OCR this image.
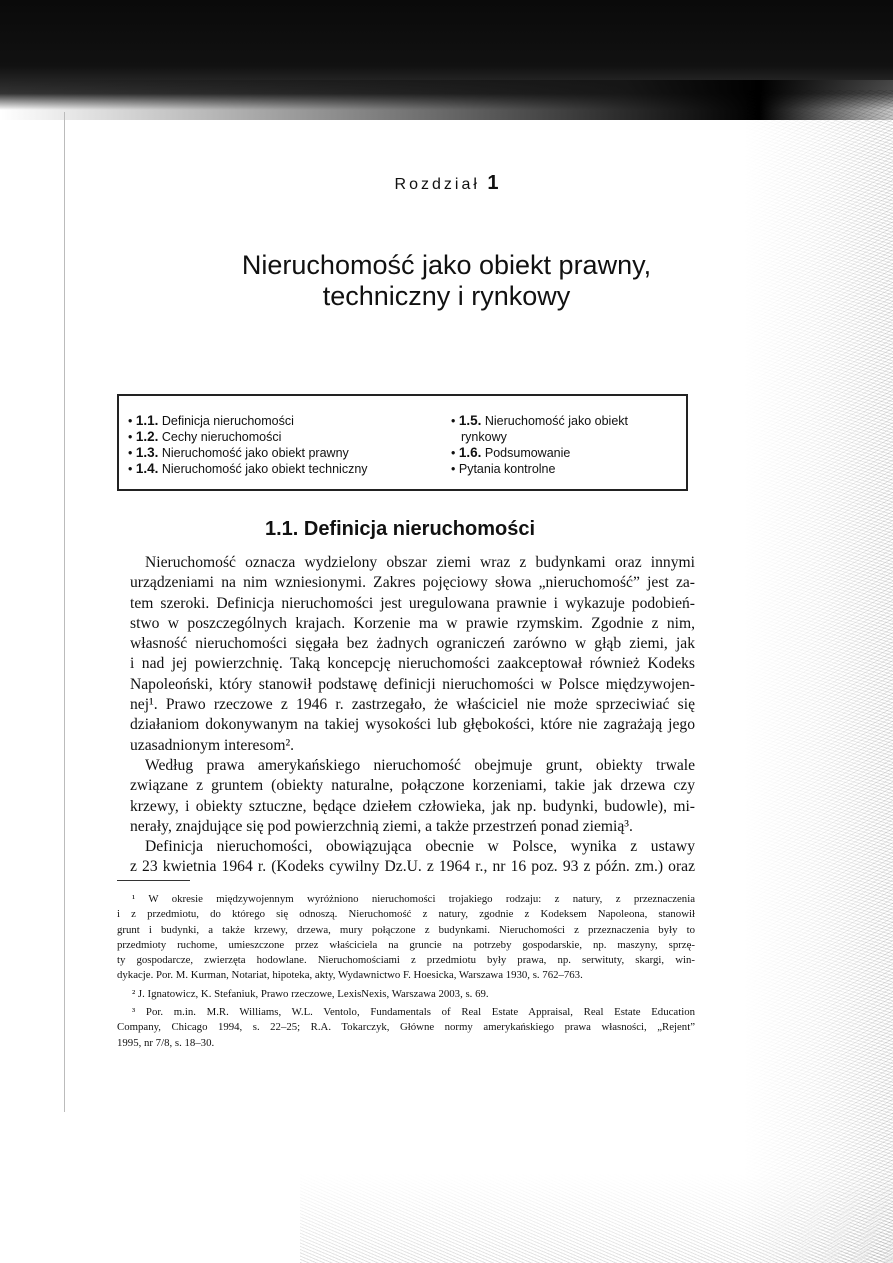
Rozdział 1
Nieruchomość jako obiekt prawny,
techniczny i rynkowy
• 1.1. Definicja nieruchomości
• 1.2. Cechy nieruchomości
• 1.3. Nieruchomość jako obiekt prawny
• 1.4. Nieruchomość jako obiekt techniczny
• 1.5. Nieruchomość jako obiekt
rynkowy
• 1.6. Podsumowanie
• Pytania kontrolne
1.1. Definicja nieruchomości
Nieruchomość oznacza wydzielony obszar ziemi wraz z budynkami oraz innymi
urządzeniami na nim wzniesionymi. Zakres pojęciowy słowa „nieruchomość” jest za-
tem szeroki. Definicja nieruchomości jest uregulowana prawnie i wykazuje podobień-
stwo w poszczególnych krajach. Korzenie ma w prawie rzymskim. Zgodnie z nim,
własność nieruchomości sięgała bez żadnych ograniczeń zarówno w głąb ziemi, jak
i nad jej powierzchnię. Taką koncepcję nieruchomości zaakceptował również Kodeks
Napoleoński, który stanowił podstawę definicji nieruchomości w Polsce międzywojen-
nej¹. Prawo rzeczowe z 1946 r. zastrzegało, że właściciel nie może sprzeciwiać się
działaniom dokonywanym na takiej wysokości lub głębokości, które nie zagrażają jego
uzasadnionym interesom².
Według prawa amerykańskiego nieruchomość obejmuje grunt, obiekty trwale
związane z gruntem (obiekty naturalne, połączone korzeniami, takie jak drzewa czy
krzewy, i obiekty sztuczne, będące dziełem człowieka, jak np. budynki, budowle), mi-
nerały, znajdujące się pod powierzchnią ziemi, a także przestrzeń ponad ziemią³.
Definicja nieruchomości, obowiązująca obecnie w Polsce, wynika z ustawy
z 23 kwietnia 1964 r. (Kodeks cywilny Dz.U. z 1964 r., nr 16 poz. 93 z późn. zm.) oraz
¹ W okresie międzywojennym wyróżniono nieruchomości trojakiego rodzaju: z natury, z przeznaczenia
i z przedmiotu, do którego się odnoszą. Nieruchomość z natury, zgodnie z Kodeksem Napoleona, stanowił
grunt i budynki, a także krzewy, drzewa, mury połączone z budynkami. Nieruchomości z przeznaczenia były to
przedmioty ruchome, umieszczone przez właściciela na gruncie na potrzeby gospodarskie, np. maszyny, sprzę-
ty gospodarcze, zwierzęta hodowlane. Nieruchomościami z przedmiotu były prawa, np. serwituty, skargi, win-
dykacje. Por. M. Kurman, Notariat, hipoteka, akty, Wydawnictwo F. Hoesicka, Warszawa 1930, s. 762–763.
² J. Ignatowicz, K. Stefaniuk, Prawo rzeczowe, LexisNexis, Warszawa 2003, s. 69.
³ Por. m.in. M.R. Williams, W.L. Ventolo, Fundamentals of Real Estate Appraisal, Real Estate Education
Company, Chicago 1994, s. 22–25; R.A. Tokarczyk, Główne normy amerykańskiego prawa własności, „Rejent”
1995, nr 7/8, s. 18–30.
